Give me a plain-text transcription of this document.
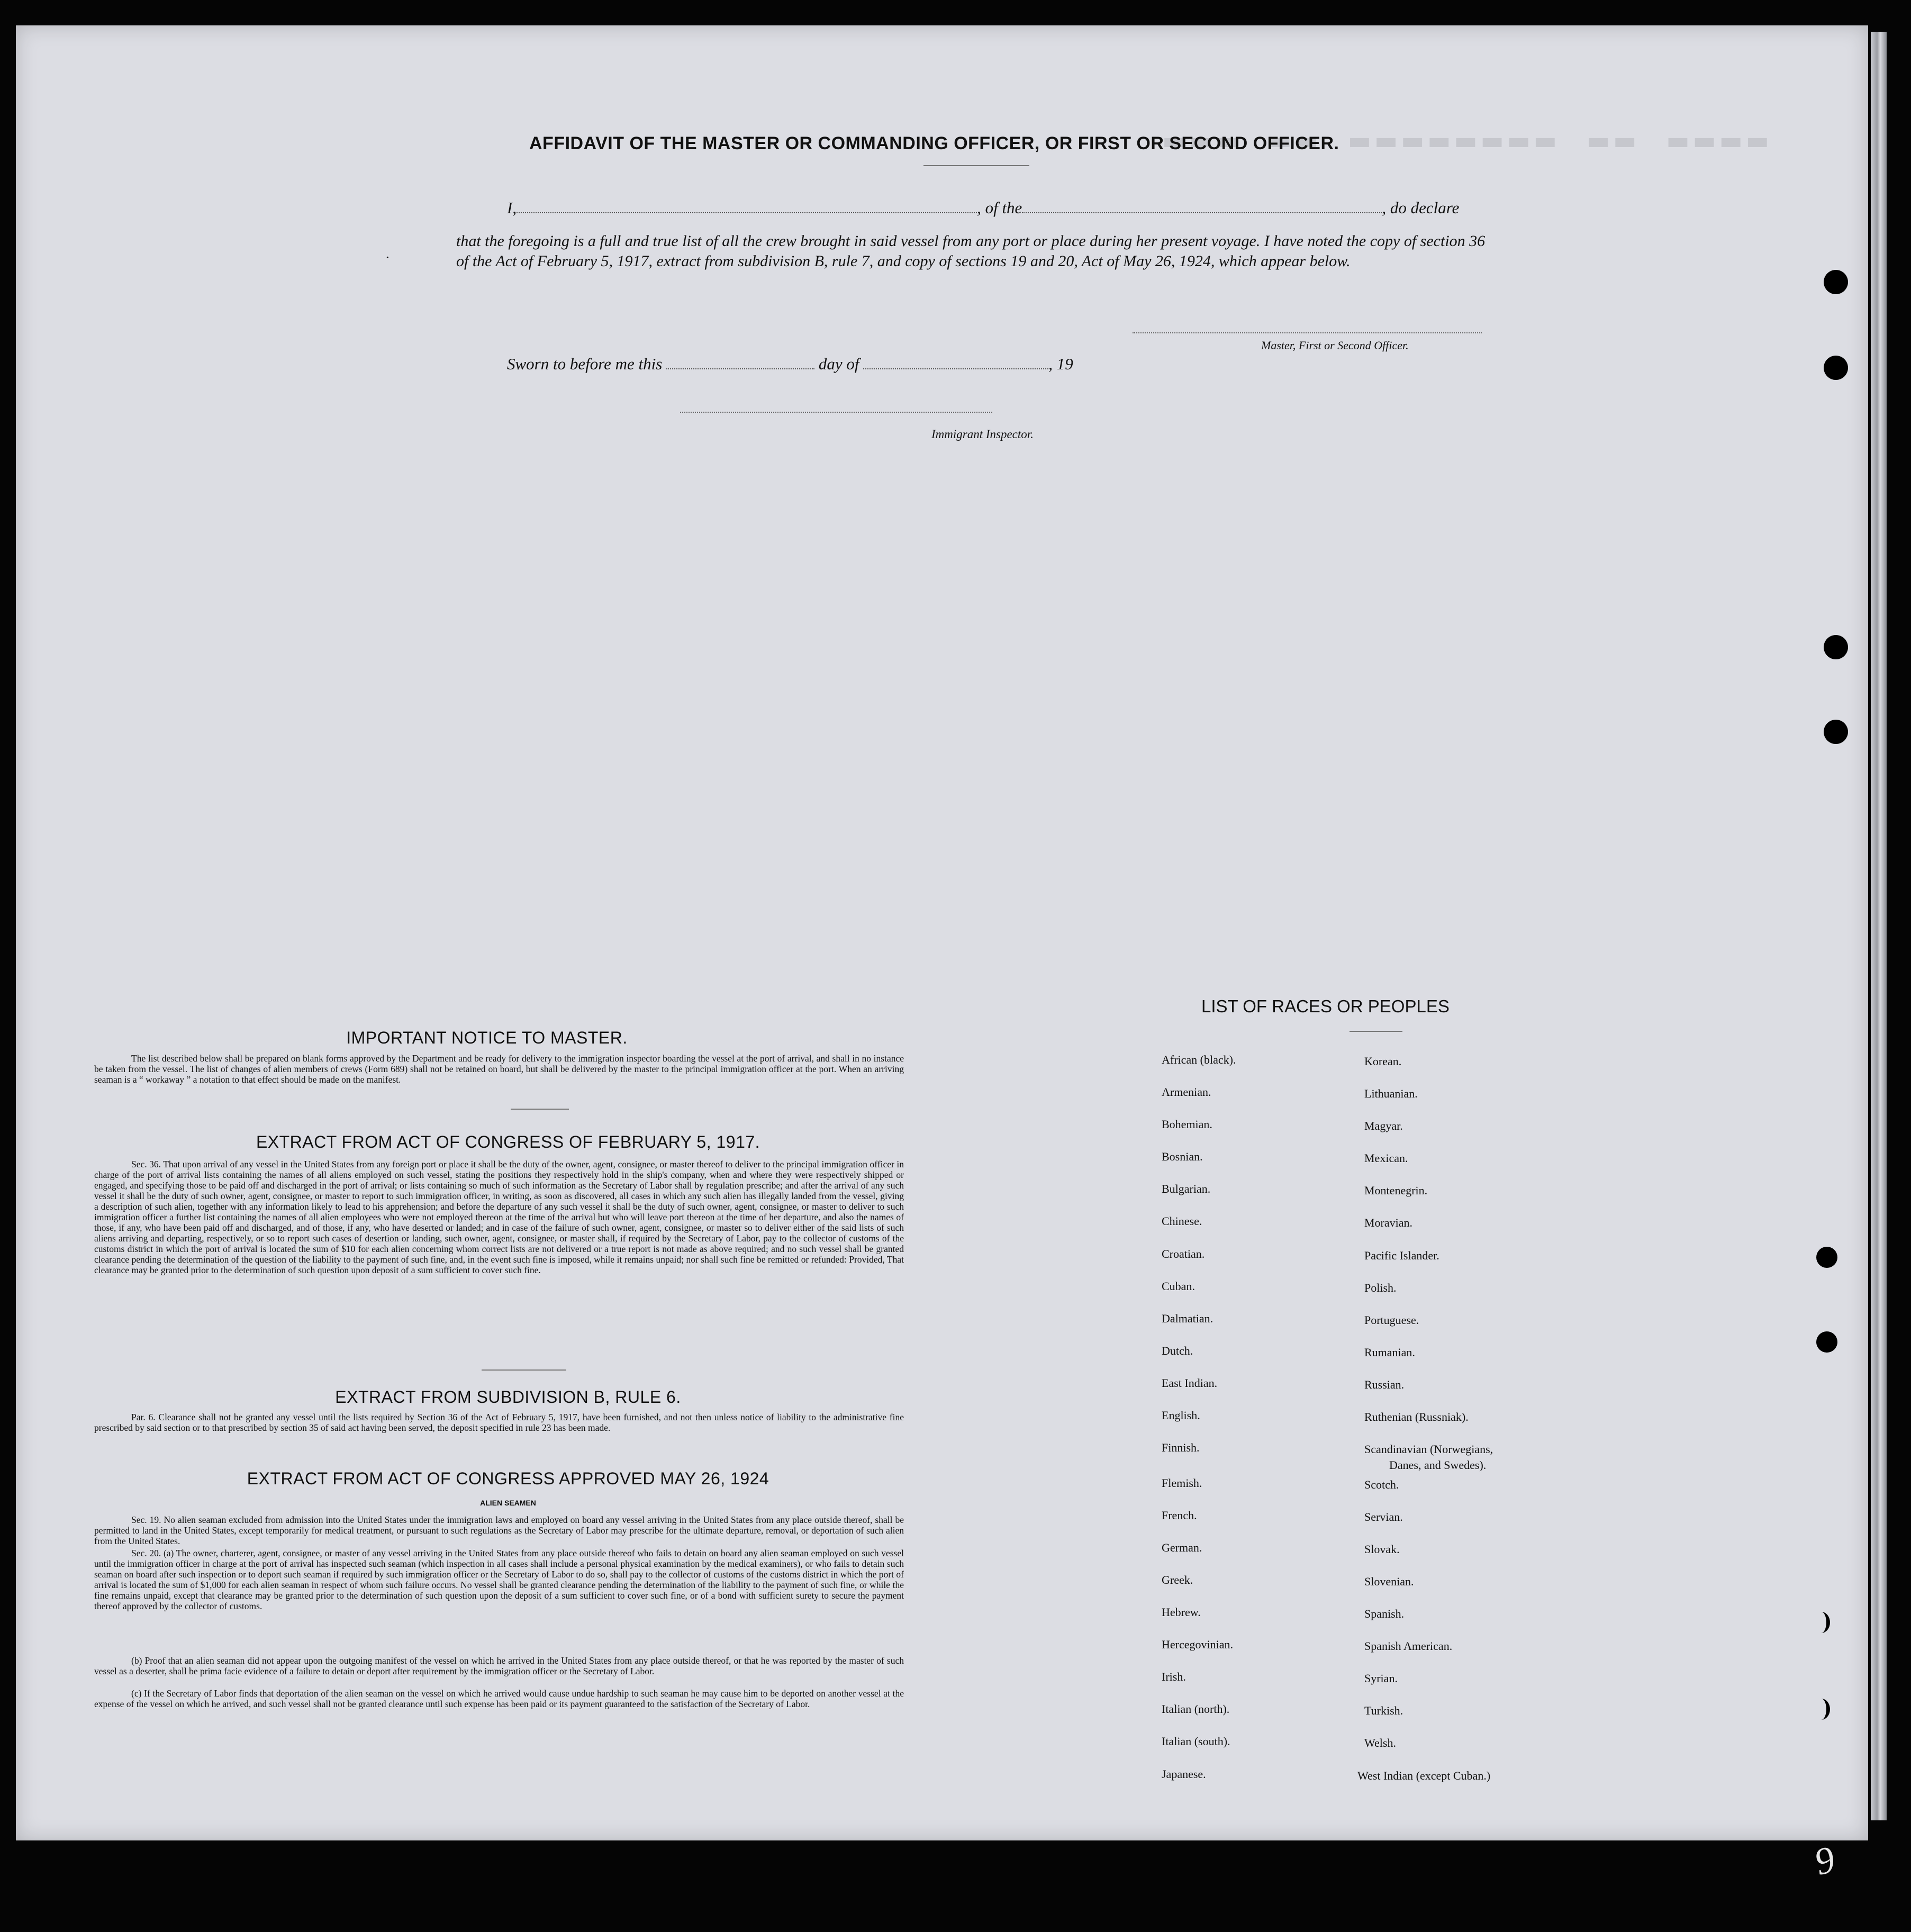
▬▬▬ ▬▬ ▬▬▬▬▬▬▬▬ ▬▬ ▬▬▬▬
AFFIDAVIT OF THE MASTER OR COMMANDING OFFICER, OR FIRST OR SECOND OFFICER.
I,	, of the	, do declare
that the foregoing is a full and true list of all the crew brought in said vessel from any port or place during her present voyage. I have noted the copy of section 36 of the Act of February 5, 1917, extract from subdivision B, rule 7, and copy of sections 19 and 20, Act of May 26, 1924, which appear below.
·
Master, First or Second Officer.
Sworn to before me this	day of	, 19
Immigrant Inspector.
IMPORTANT NOTICE TO MASTER.
The list described below shall be prepared on blank forms approved by the Department and be ready for delivery to the immigration inspector boarding the vessel at the port of arrival, and shall in no instance be taken from the vessel. The list of changes of alien members of crews (Form 689) shall not be retained on board, but shall be delivered by the master to the principal immigration officer at the port. When an arriving seaman is a “ workaway ” a notation to that effect should be made on the manifest.
EXTRACT FROM ACT OF CONGRESS OF FEBRUARY 5, 1917.
Sec. 36. That upon arrival of any vessel in the United States from any foreign port or place it shall be the duty of the owner, agent, consignee, or master thereof to deliver to the principal immigration officer in charge of the port of arrival lists containing the names of all aliens employed on such vessel, stating the positions they respectively hold in the ship's company, when and where they were respectively shipped or engaged, and specifying those to be paid off and discharged in the port of arrival; or lists containing so much of such information as the Secretary of Labor shall by regulation prescribe; and after the arrival of any such vessel it shall be the duty of such owner, agent, consignee, or master to report to such immigration officer, in writing, as soon as discovered, all cases in which any such alien has illegally landed from the vessel, giving a description of such alien, together with any information likely to lead to his apprehension; and before the departure of any such vessel it shall be the duty of such owner, agent, consignee, or master to deliver to such immigration officer a further list containing the names of all alien employees who were not employed thereon at the time of the arrival but who will leave port thereon at the time of her departure, and also the names of those, if any, who have been paid off and discharged, and of those, if any, who have deserted or landed; and in case of the failure of such owner, agent, consignee, or master so to deliver either of the said lists of such aliens arriving and departing, respectively, or so to report such cases of desertion or landing, such owner, agent, consignee, or master shall, if required by the Secretary of Labor, pay to the collector of customs of the customs district in which the port of arrival is located the sum of $10 for each alien concerning whom correct lists are not delivered or a true report is not made as above required; and no such vessel shall be granted clearance pending the determination of the question of the liability to the payment of such fine, and, in the event such fine is imposed, while it remains unpaid; nor shall such fine be remitted or refunded: Provided, That clearance may be granted prior to the determination of such question upon deposit of a sum sufficient to cover such fine.
EXTRACT FROM SUBDIVISION B, RULE 6.
Par. 6. Clearance shall not be granted any vessel until the lists required by Section 36 of the Act of February 5, 1917, have been furnished, and not then unless notice of liability to the administrative fine prescribed by said section or to that prescribed by section 35 of said act having been served, the deposit specified in rule 23 has been made.
EXTRACT FROM ACT OF CONGRESS APPROVED MAY 26, 1924
ALIEN SEAMEN
Sec. 19. No alien seaman excluded from admission into the United States under the immigration laws and employed on board any vessel arriving in the United States from any place outside thereof, shall be permitted to land in the United States, except temporarily for medical treatment, or pursuant to such regulations as the Secretary of Labor may prescribe for the ultimate departure, removal, or deportation of such alien from the United States.
Sec. 20. (a) The owner, charterer, agent, consignee, or master of any vessel arriving in the United States from any place outside thereof who fails to detain on board any alien seaman employed on such vessel until the immigration officer in charge at the port of arrival has inspected such seaman (which inspection in all cases shall include a personal physical examination by the medical examiners), or who fails to detain such seaman on board after such inspection or to deport such seaman if required by such immigration officer or the Secretary of Labor to do so, shall pay to the collector of customs of the customs district in which the port of arrival is located the sum of $1,000 for each alien seaman in respect of whom such failure occurs. No vessel shall be granted clearance pending the determination of the liability to the payment of such fine, or while the fine remains unpaid, except that clearance may be granted prior to the determination of such question upon the deposit of a sum sufficient to cover such fine, or of a bond with sufficient surety to secure the payment thereof approved by the collector of customs.
(b) Proof that an alien seaman did not appear upon the outgoing manifest of the vessel on which he arrived in the United States from any place outside thereof, or that he was reported by the master of such vessel as a deserter, shall be prima facie evidence of a failure to detain or deport after requirement by the immigration officer or the Secretary of Labor.
(c) If the Secretary of Labor finds that deportation of the alien seaman on the vessel on which he arrived would cause undue hardship to such seaman he may cause him to be deported on another vessel at the expense of the vessel on which he arrived, and such vessel shall not be granted clearance until such expense has been paid or its payment guaranteed to the satisfaction of the Secretary of Labor.
LIST OF RACES OR PEOPLES
African (black).
Armenian.
Bohemian.
Bosnian.
Bulgarian.
Chinese.
Croatian.
Cuban.
Dalmatian.
Dutch.
East Indian.
English.
Finnish.
Flemish.
French.
German.
Greek.
Hebrew.
Hercegovinian.
Irish.
Italian (north).
Italian (south).
Japanese.
Korean.
Lithuanian.
Magyar.
Mexican.
Montenegrin.
Moravian.
Pacific Islander.
Polish.
Portuguese.
Rumanian.
Russian.
Ruthenian (Russniak).
Scandinavian (Norwegians,
Danes, and Swedes).
Scotch.
Servian.
Slovak.
Slovenian.
Spanish.
Spanish American.
Syrian.
Turkish.
Welsh.
West Indian (except Cuban.)
9
